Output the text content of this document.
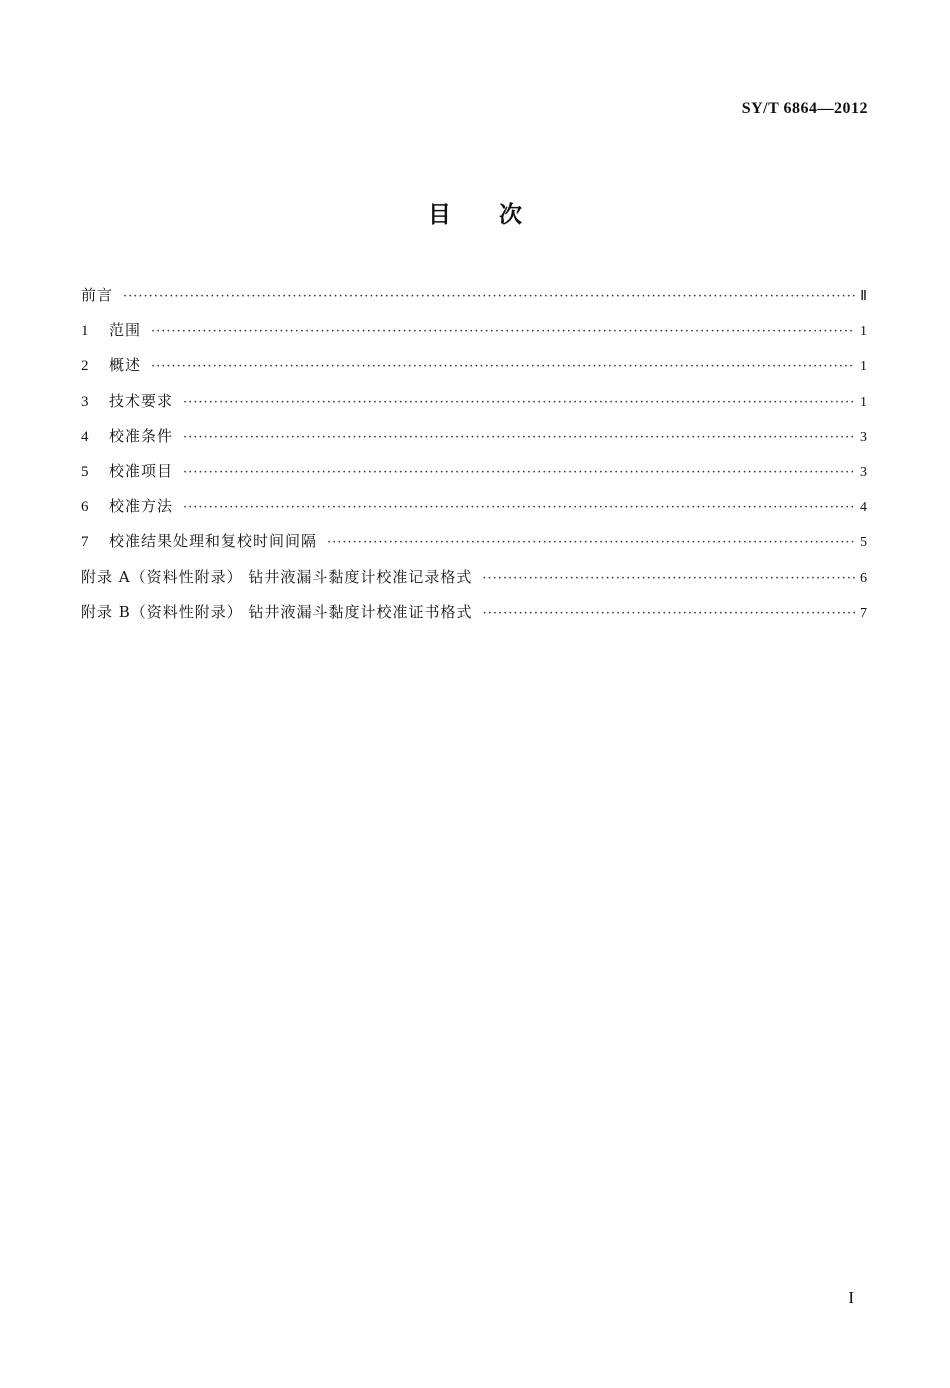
SY/T 6864—2012
目次
前言 ·····	Ⅱ
1 范围 ·····	1
2 概述 ·····	1
3 技术要求 ·····	1
4 校准条件 ·····	3
5 校准项目 ·····	3
6 校准方法 ·····	4
7 校准结果处理和复校时间间隔 ·····	5
附录 A（资料性附录） 钻井液漏斗黏度计校准记录格式 ·····	6
附录 B（资料性附录） 钻井液漏斗黏度计校准证书格式 ·····	7
I
